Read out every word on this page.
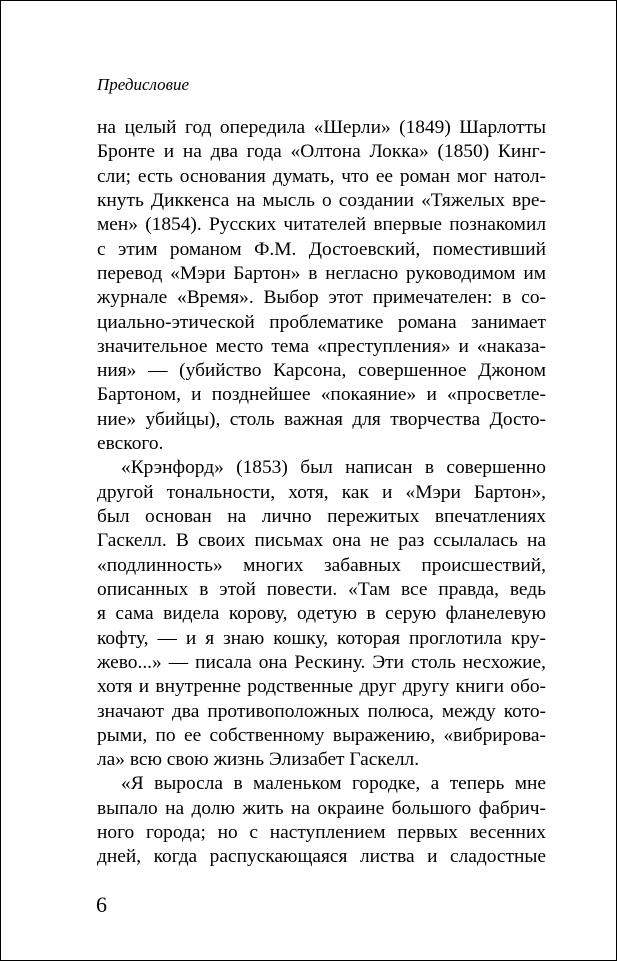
Предисловие
на целый год опередила «Шерли» (1849) Шарлотты
Бронте и на два года «Олтона Локка» (1850) Кинг-
сли; есть основания думать, что ее роман мог натол-
кнуть Диккенса на мысль о создании «Тяжелых вре-
мен» (1854). Русских читателей впервые познакомил
с этим романом Ф.М. Достоевский, поместивший
перевод «Мэри Бартон» в негласно руководимом им
журнале «Время». Выбор этот примечателен: в со-
циально-этической проблематике романа занимает
значительное место тема «преступления» и «наказа-
ния» — (убийство Карсона, совершенное Джоном
Бартоном, и позднейшее «покаяние» и «просветле-
ние» убийцы), столь важная для творчества Досто-
евского.
«Крэнфорд» (1853) был написан в совершенно
другой тональности, хотя, как и «Мэри Бартон»,
был основан на лично пережитых впечатлениях
Гаскелл. В своих письмах она не раз ссылалась на
«подлинность» многих забавных происшествий,
описанных в этой повести. «Там все правда, ведь
я сама видела корову, одетую в серую фланелевую
кофту, — и я знаю кошку, которая проглотила кру-
жево...» — писала она Рескину. Эти столь несхожие,
хотя и внутренне родственные друг другу книги обо-
значают два противоположных полюса, между кото-
рыми, по ее собственному выражению, «вибрирова-
ла» всю свою жизнь Элизабет Гаскелл.
«Я выросла в маленьком городке, а теперь мне
выпало на долю жить на окраине большого фабрич-
ного города; но с наступлением первых весенних
дней, когда распускающаяся листва и сладостные
6
